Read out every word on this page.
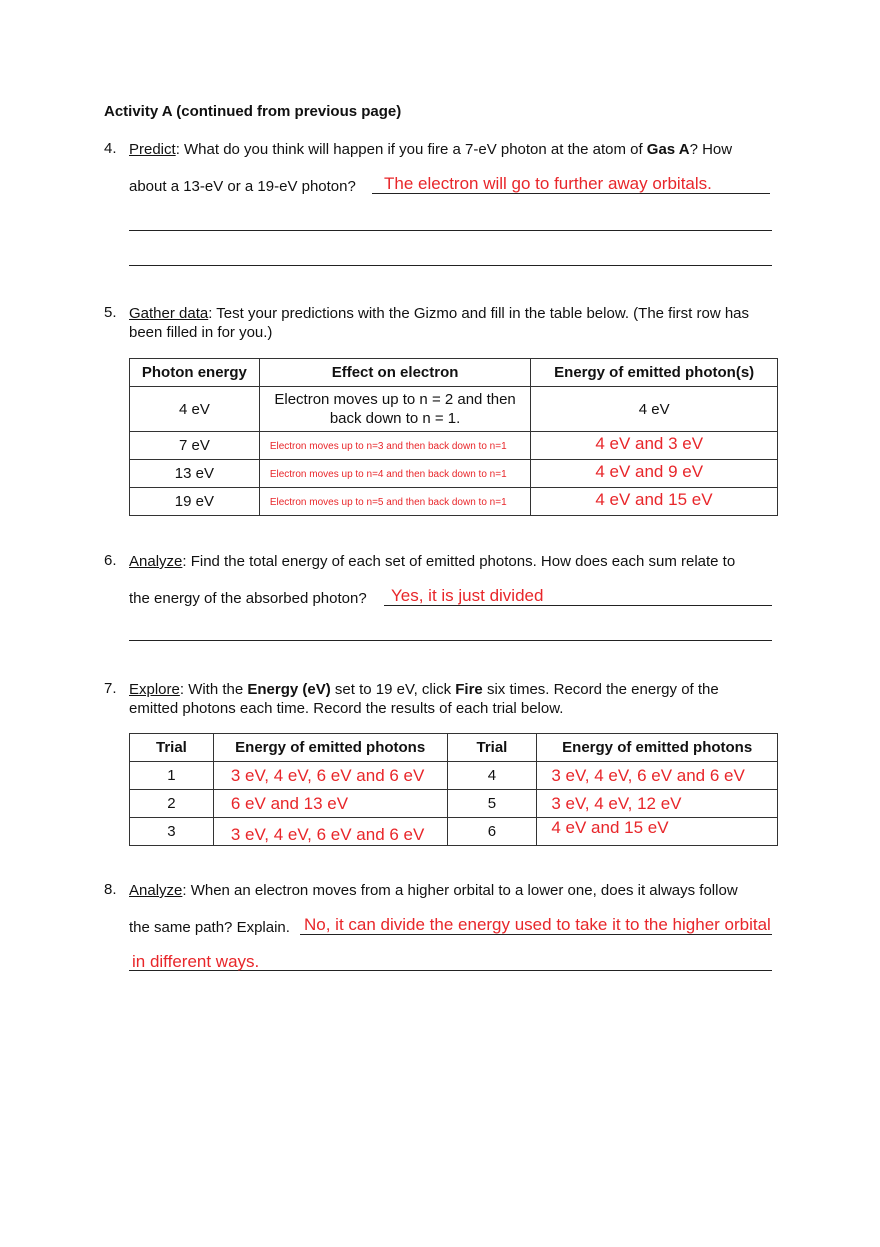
Activity A (continued from previous page)
4. Predict: What do you think will happen if you fire a 7-eV photon at the atom of Gas A? How
about a 13-eV or a 19-eV photon?	The electron will go to further away orbitals.
5. Gather data: Test your predictions with the Gizmo and fill in the table below. (The first row has been filled in for you.)
Photon energy	Effect on electron	Energy of emitted photon(s)
4 eV	Electron moves up to n = 2 and then back down to n = 1.	4 eV
7 eV	Electron moves up to n=3 and then back down to n=1	4 eV and 3 eV
13 eV	Electron moves up to n=4 and then back down to n=1	4 eV and 9 eV
19 eV	Electron moves up to n=5 and then back down to n=1	4 eV and 15 eV
6. Analyze: Find the total energy of each set of emitted photons. How does each sum relate to
the energy of the absorbed photon?	Yes, it is just divided
7. Explore: With the Energy (eV) set to 19 eV, click Fire six times. Record the energy of the emitted photons each time. Record the results of each trial below.
Trial	Energy of emitted photons	Trial	Energy of emitted photons
1	3 eV, 4 eV, 6 eV and 6 eV	4	3 eV, 4 eV, 6 eV and 6 eV
2	6 eV and 13 eV	5	3 eV, 4 eV, 12 eV
3	3 eV, 4 eV, 6 eV and 6 eV	6	4 eV and 15 eV
8. Analyze: When an electron moves from a higher orbital to a lower one, does it always follow
the same path? Explain. No, it can divide the energy used to take it to the higher orbital
in different ways.
